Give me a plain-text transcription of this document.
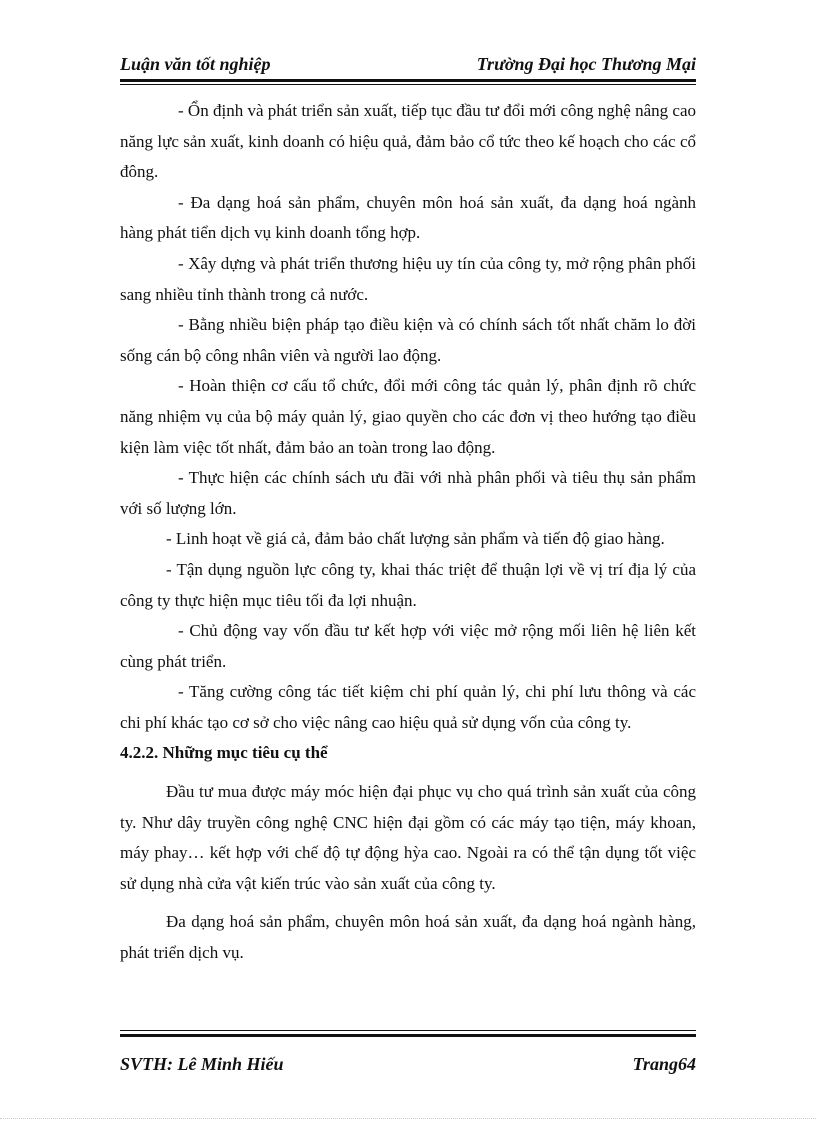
Luận văn tốt nghiệp	Trường Đại học Thương Mại

- Ổn định và phát triển sản xuất, tiếp tục đầu tư đổi mới công nghệ nâng cao năng lực sản xuất, kinh doanh có hiệu quả, đảm bảo cổ tức theo kế hoạch cho các cổ đông.

- Đa dạng hoá sản phẩm, chuyên môn hoá sản xuất, đa dạng hoá ngành hàng phát tiển dịch vụ kinh doanh tổng hợp.

- Xây dựng và phát triển thương hiệu uy tín của công ty, mở rộng phân phối sang nhiều tỉnh thành trong cả nước.

- Bằng nhiều biện pháp tạo điều kiện và có chính sách tốt nhất chăm lo đời sống cán bộ công nhân viên và người lao động.

- Hoàn thiện cơ cấu tổ chức, đổi mới công tác quản lý, phân định rõ chức năng nhiệm vụ của bộ máy quản lý, giao quyền cho các đơn vị theo hướng tạo điều kiện làm việc tốt nhất, đảm bảo an toàn trong lao động.

- Thực hiện các chính sách ưu đãi với nhà phân phối và tiêu thụ sản phẩm với số lượng lớn.

- Linh hoạt về giá cả, đảm bảo chất lượng sản phẩm và tiến độ giao hàng.

- Tận dụng nguồn lực công ty, khai thác triệt để thuận lợi về vị trí địa lý của công ty thực hiện mục tiêu tối đa lợi nhuận.

- Chủ động vay vốn đầu tư kết hợp với việc mở rộng mối liên hệ liên kết cùng phát triển.

- Tăng cường công tác tiết kiệm chi phí quản lý, chi phí lưu thông và các chi phí khác tạo cơ sở cho việc nâng cao hiệu quả sử dụng vốn của công ty.

4.2.2. Những mục tiêu cụ thể

Đầu tư mua được máy móc hiện đại phục vụ cho quá trình sản xuất của công ty. Như dây truyền công nghệ CNC hiện đại gồm có các máy tạo tiện, máy khoan, máy phay… kết hợp với chế độ tự động hỳa cao. Ngoài ra có thể tận dụng tốt việc sử dụng nhà cửa vật kiến trúc vào sản xuất của công ty.

Đa dạng hoá sản phẩm, chuyên môn hoá sản xuất, đa dạng hoá ngành hàng, phát triển dịch vụ.

SVTH: Lê Minh Hiếu	Trang64
